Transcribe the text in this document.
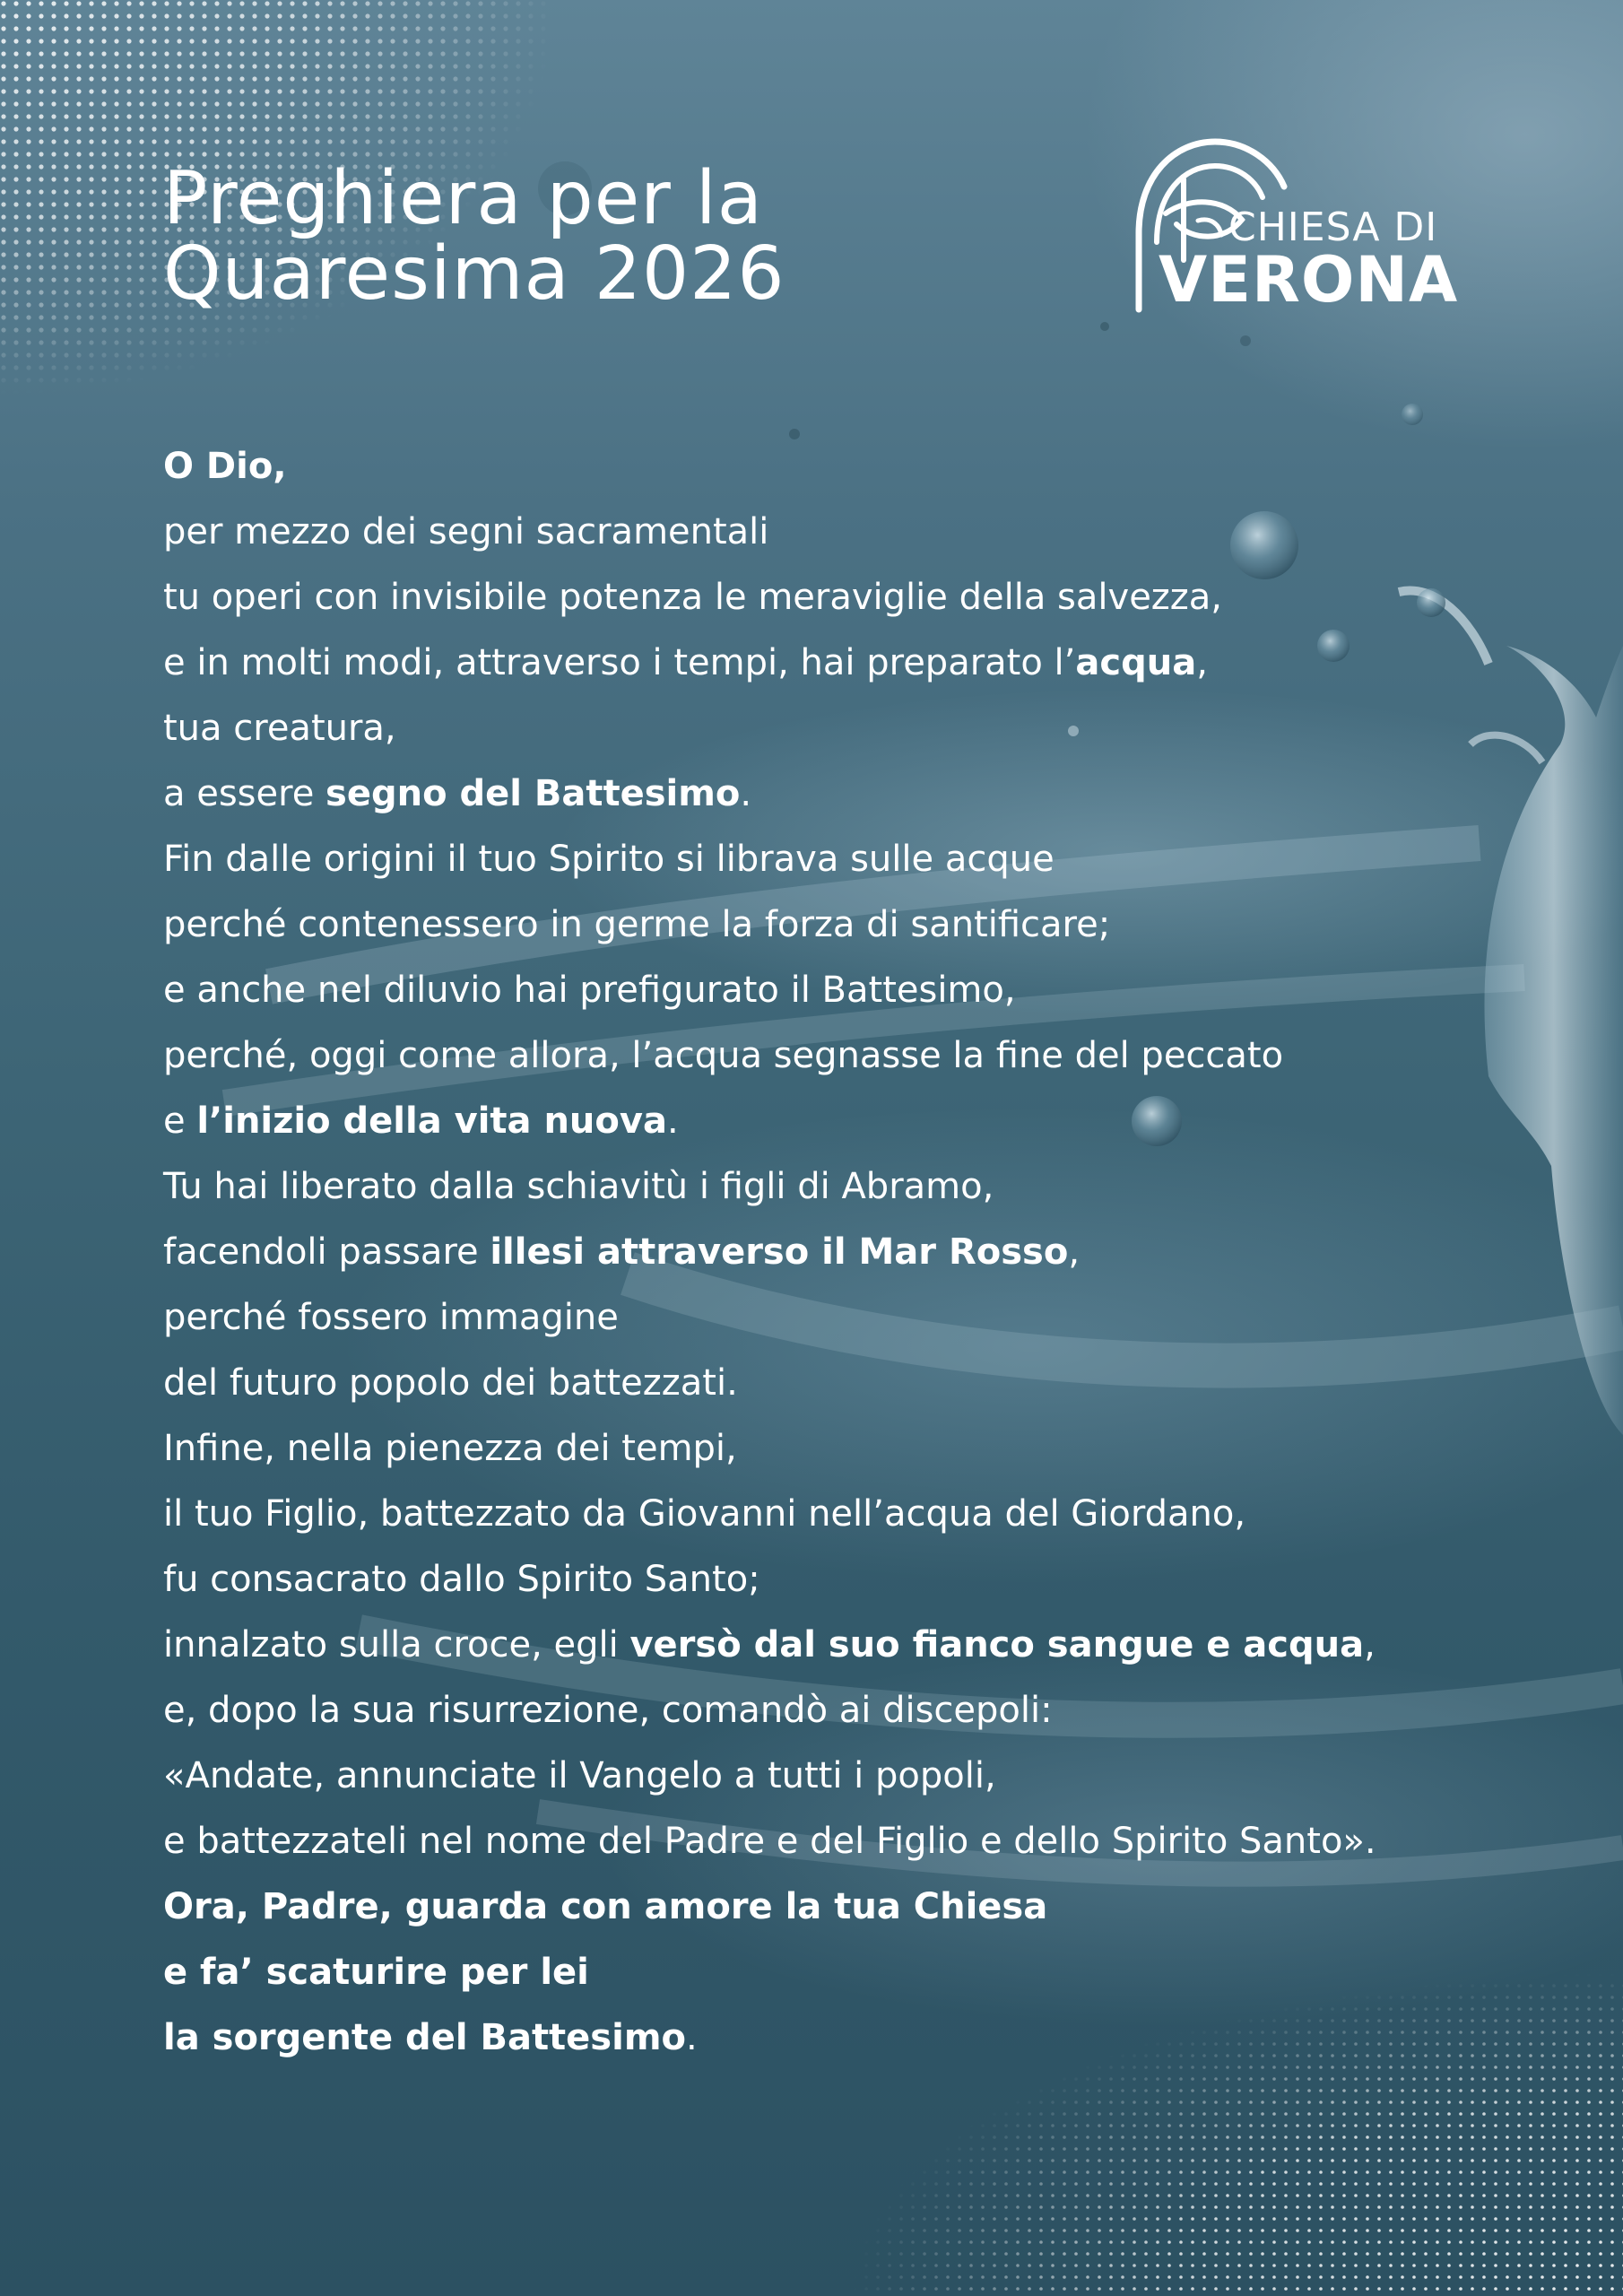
Preghiera per la
Quaresima 2026
CHIESA DI
VERONA
O Dio,
per mezzo dei segni sacramentali
tu operi con invisibile potenza le meraviglie della salvezza,
e in molti modi, attraverso i tempi, hai preparato l’acqua,
tua creatura,
a essere segno del Battesimo.
Fin dalle origini il tuo Spirito si librava sulle acque
perché contenessero in germe la forza di santificare;
e anche nel diluvio hai prefigurato il Battesimo,
perché, oggi come allora, l’acqua segnasse la fine del peccato
e l’inizio della vita nuova.
Tu hai liberato dalla schiavitù i figli di Abramo,
facendoli passare illesi attraverso il Mar Rosso,
perché fossero immagine
del futuro popolo dei battezzati.
Infine, nella pienezza dei tempi,
il tuo Figlio, battezzato da Giovanni nell’acqua del Giordano,
fu consacrato dallo Spirito Santo;
innalzato sulla croce, egli versò dal suo fianco sangue e acqua,
e, dopo la sua risurrezione, comandò ai discepoli:
«Andate, annunciate il Vangelo a tutti i popoli,
e battezzateli nel nome del Padre e del Figlio e dello Spirito Santo».
Ora, Padre, guarda con amore la tua Chiesa
e fa’ scaturire per lei
la sorgente del Battesimo.
